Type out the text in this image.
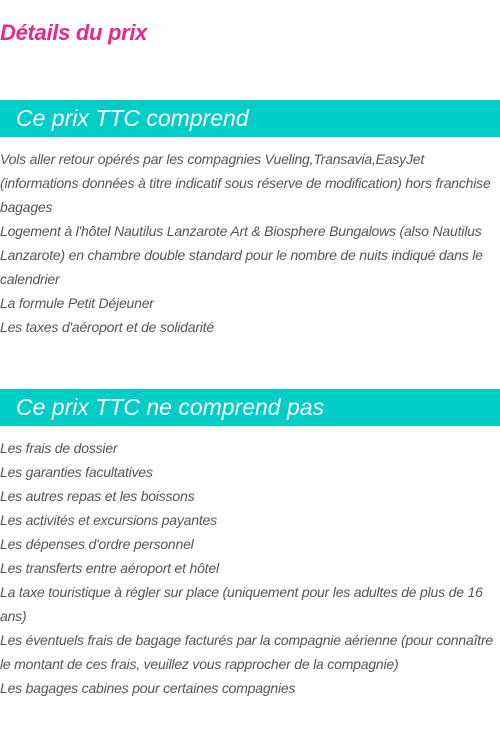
Détails du prix
Ce prix TTC comprend
Vols aller retour opérés par les compagnies Vueling,Transavia,EasyJet (informations données à titre indicatif sous réserve de modification) hors franchise bagages
Logement à l'hôtel Nautilus Lanzarote Art & Biosphere Bungalows (also Nautilus Lanzarote) en chambre double standard pour le nombre de nuits indiqué dans le calendrier
La formule Petit Déjeuner
Les taxes d'aéroport et de solidarité
Ce prix TTC ne comprend pas
Les frais de dossier
Les garanties facultatives
Les autres repas et les boissons
Les activités et excursions payantes
Les dépenses d'ordre personnel
Les transferts entre aéroport et hôtel
La taxe touristique à régler sur place (uniquement pour les adultes de plus de 16 ans)
Les éventuels frais de bagage facturés par la compagnie aérienne (pour connaître le montant de ces frais, veuillez vous rapprocher de la compagnie)
Les bagages cabines pour certaines compagnies
